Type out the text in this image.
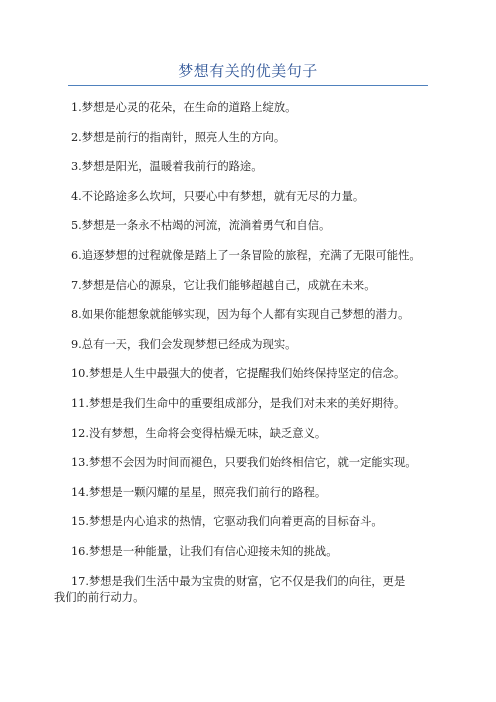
梦想有关的优美句子
1.梦想是心灵的花朵，在生命的道路上绽放。
2.梦想是前行的指南针，照亮人生的方向。
3.梦想是阳光，温暖着我前行的路途。
4.不论路途多么坎坷，只要心中有梦想，就有无尽的力量。
5.梦想是一条永不枯竭的河流，流淌着勇气和自信。
6.追逐梦想的过程就像是踏上了一条冒险的旅程，充满了无限可能性。
7.梦想是信心的源泉，它让我们能够超越自己，成就在未来。
8.如果你能想象就能够实现，因为每个人都有实现自己梦想的潜力。
9.总有一天，我们会发现梦想已经成为现实。
10.梦想是人生中最强大的使者，它提醒我们始终保持坚定的信念。
11.梦想是我们生命中的重要组成部分，是我们对未来的美好期待。
12.没有梦想，生命将会变得枯燥无味，缺乏意义。
13.梦想不会因为时间而褪色，只要我们始终相信它，就一定能实现。
14.梦想是一颗闪耀的星星，照亮我们前行的路程。
15.梦想是内心追求的热情，它驱动我们向着更高的目标奋斗。
16.梦想是一种能量，让我们有信心迎接未知的挑战。
17.梦想是我们生活中最为宝贵的财富，它不仅是我们的向往，更是
我们的前行动力。
